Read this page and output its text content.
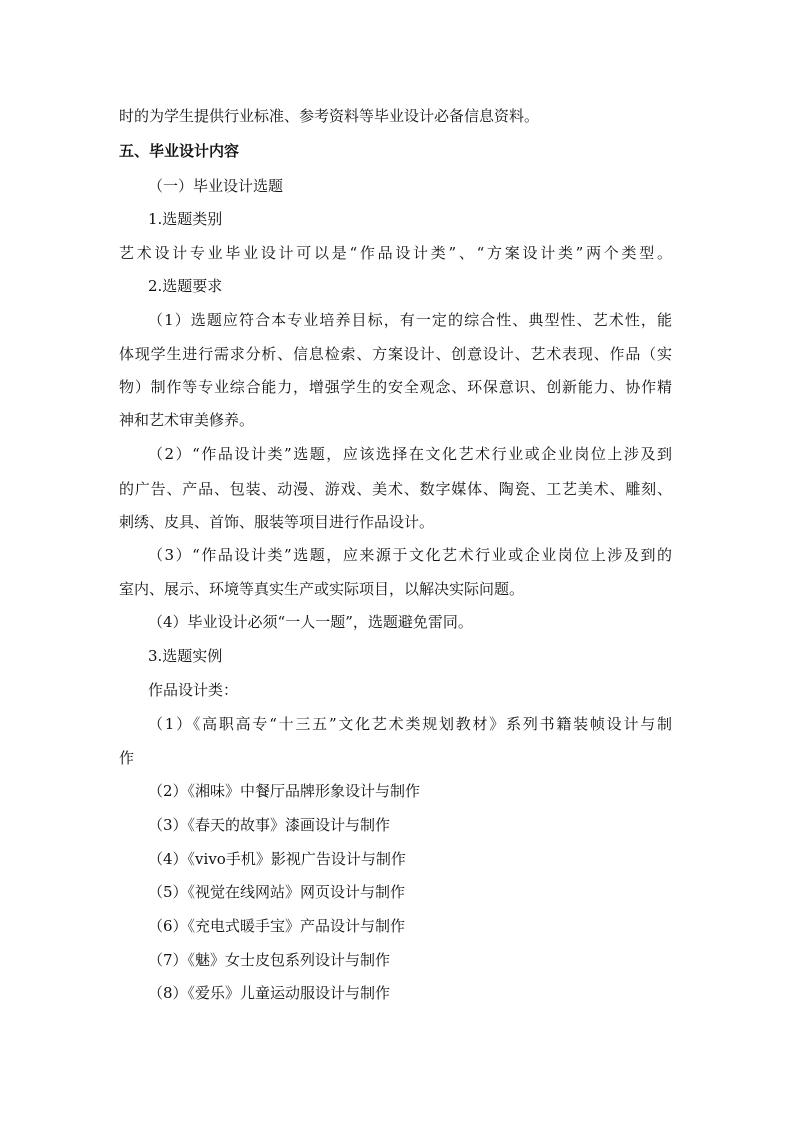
时的为学生提供行业标准、参考资料等毕业设计必备信息资料。
五、毕业设计内容
（一）毕业设计选题
1.选题类别
艺术设计专业毕业设计可以是“作品设计类”、“方案设计类”两个类型。
2.选题要求
（1）选题应符合本专业培养目标，有一定的综合性、典型性、艺术性，能
体现学生进行需求分析、信息检索、方案设计、创意设计、艺术表现、作品（实
物）制作等专业综合能力，增强学生的安全观念、环保意识、创新能力、协作精
神和艺术审美修养。
（2）“作品设计类”选题，应该选择在文化艺术行业或企业岗位上涉及到
的广告、产品、包装、动漫、游戏、美术、数字媒体、陶瓷、工艺美术、雕刻、
刺绣、皮具、首饰、服装等项目进行作品设计。
（3）“作品设计类”选题，应来源于文化艺术行业或企业岗位上涉及到的
室内、展示、环境等真实生产或实际项目，以解决实际问题。
（4）毕业设计必须“一人一题”，选题避免雷同。
3.选题实例
作品设计类：
（1）《高职高专“十三五”文化艺术类规划教材》系列书籍装帧设计与制
作
（2）《湘味》中餐厅品牌形象设计与制作
（3）《春天的故事》漆画设计与制作
（4）《vivo手机》影视广告设计与制作
（5）《视觉在线网站》网页设计与制作
（6）《充电式暖手宝》产品设计与制作
（7）《魅》女士皮包系列设计与制作
（8）《爱乐》儿童运动服设计与制作
